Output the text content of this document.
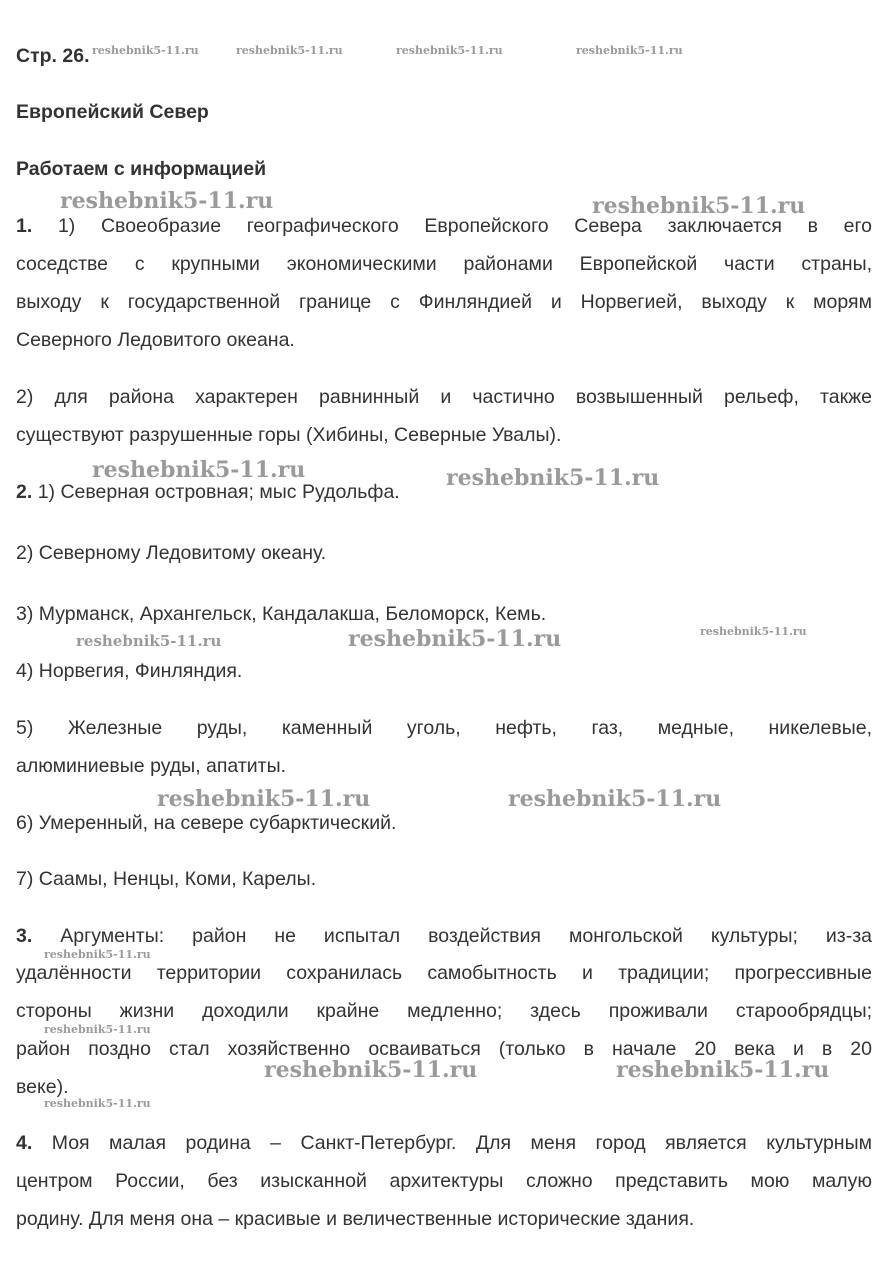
Стр. 26.
Европейский Север
Работаем с информацией
1. 1) Своеобразие географического Европейского Севера заключается в его
соседстве с крупными экономическими районами Европейской части страны,
выходу к государственной границе с Финляндией и Норвегией, выходу к морям
Северного Ледовитого океана.
2) для района характерен равнинный и частично возвышенный рельеф, также
существуют разрушенные горы (Хибины, Северные Увалы).
2. 1) Северная островная; мыс Рудольфа.
2) Северному Ледовитому океану.
3) Мурманск, Архангельск, Кандалакша, Беломорск, Кемь.
4) Норвегия, Финляндия.
5) Железные руды, каменный уголь, нефть, газ, медные, никелевые,
алюминиевые руды, апатиты.
6) Умеренный, на севере субарктический.
7) Саамы, Ненцы, Коми, Карелы.
3. Аргументы: район не испытал воздействия монгольской культуры; из-за
удалённости территории сохранилась самобытность и традиции; прогрессивные
стороны жизни доходили крайне медленно; здесь проживали старообрядцы;
район поздно стал хозяйственно осваиваться (только в начале 20 века и в 20
веке).
4. Моя малая родина – Санкт-Петербург. Для меня город является культурным
центром России, без изысканной архитектуры сложно представить мою малую
родину. Для меня она – красивые и величественные исторические здания.
reshebnik5-11.ru	reshebnik5-11.ru	reshebnik5-11.ru	reshebnik5-11.ru
reshebnik5-11.ru	reshebnik5-11.ru
reshebnik5-11.ru	reshebnik5-11.ru
reshebnik5-11.ru	reshebnik5-11.ru	reshebnik5-11.ru
reshebnik5-11.ru	reshebnik5-11.ru
reshebnik5-11.ru
reshebnik5-11.ru
reshebnik5-11.ru	reshebnik5-11.ru
reshebnik5-11.ru
